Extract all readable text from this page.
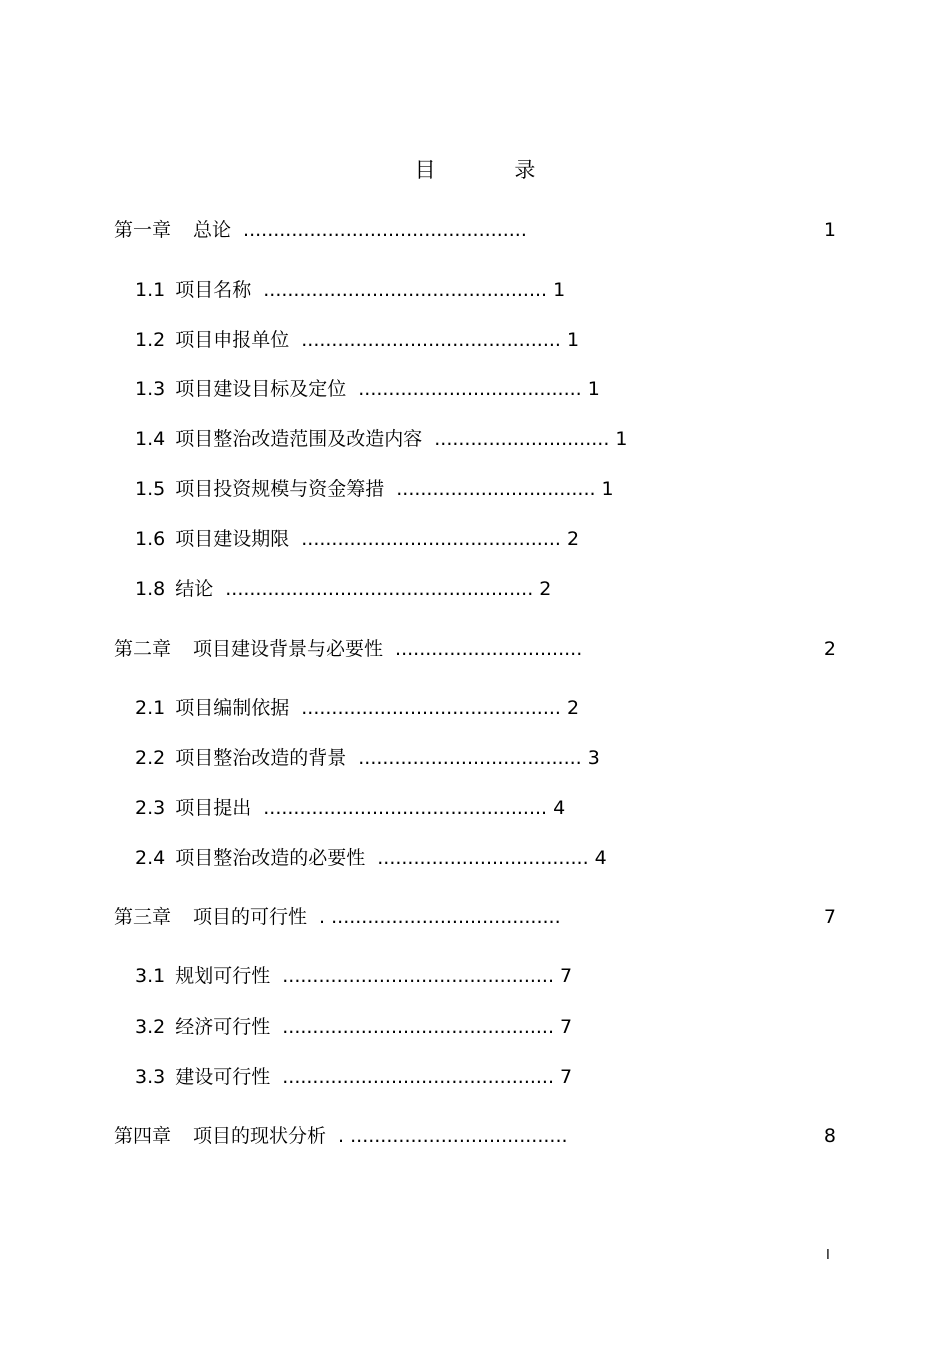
目 录
第一章 总论 ...............................................	1
1.1 项目名称 ............................................... 1
1.2 项目申报单位 ........................................... 1
1.3 项目建设目标及定位 ..................................... 1
1.4 项目整治改造范围及改造内容 ............................. 1
1.5 项目投资规模与资金筹措 ................................. 1
1.6 项目建设期限 ........................................... 2
1.8 结论 ................................................... 2
第二章 项目建设背景与必要性 ...............................	2
2.1 项目编制依据 ........................................... 2
2.2 项目整治改造的背景 ..................................... 3
2.3 项目提出 ............................................... 4
2.4 项目整治改造的必要性 ................................... 4
第三章 项目的可行性 . ......................................	7
3.1 规划可行性 ............................................. 7
3.2 经济可行性 ............................................. 7
3.3 建设可行性 ............................................. 7
第四章 项目的现状分析 . ....................................	8
I
